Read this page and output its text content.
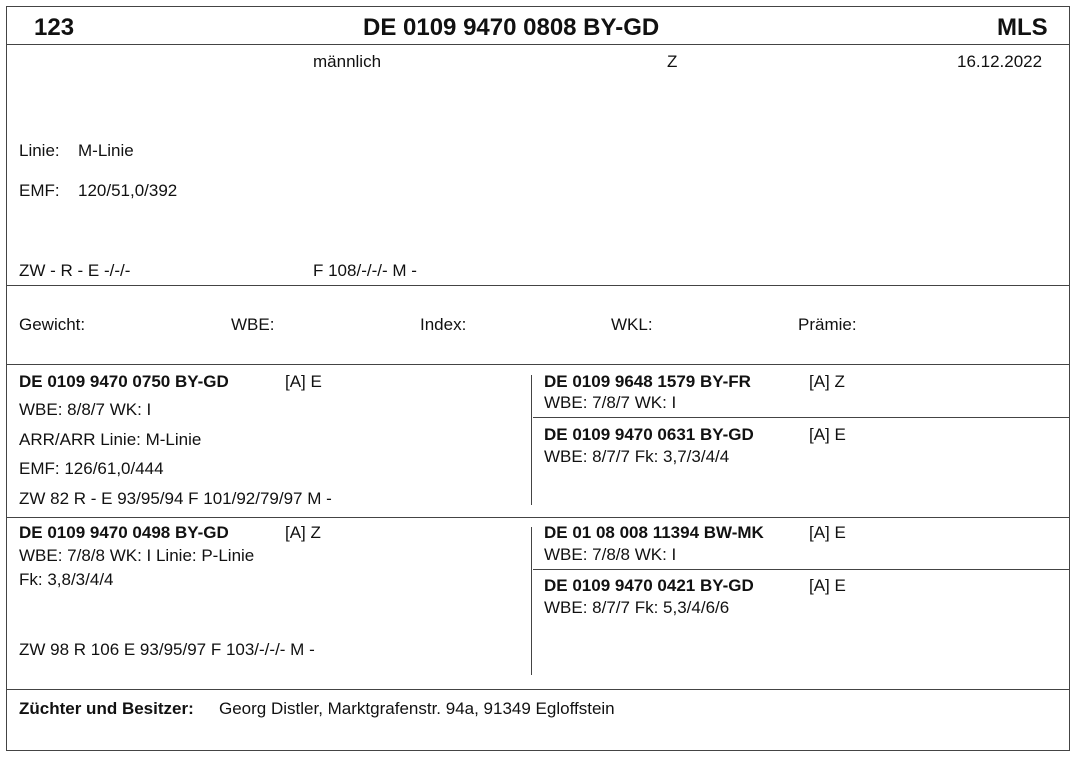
123	DE 0109 9470 0808 BY-GD	MLS
männlich	Z	16.12.2022
Linie: M-Linie
EMF: 120/51,0/392
ZW - R - E -/-/-	F 108/-/-/- M -
Gewicht:	WBE:	Index:	WKL:	Prämie:
DE 0109 9470 0750 BY-GD	[A] E
WBE: 8/8/7 WK: I
ARR/ARR Linie: M-Linie
EMF: 126/61,0/444
ZW 82 R - E 93/95/94 F 101/92/79/97 M -
DE 0109 9648 1579 BY-FR	[A] Z
WBE: 7/8/7 WK: I
DE 0109 9470 0631 BY-GD	[A] E
WBE: 8/7/7 Fk: 3,7/3/4/4
DE 0109 9470 0498 BY-GD	[A] Z
WBE: 7/8/8 WK: I Linie: P-Linie
Fk: 3,8/3/4/4
ZW 98 R 106 E 93/95/97 F 103/-/-/- M -
DE 01 08 008 11394 BW-MK	[A] E
WBE: 7/8/8 WK: I
DE 0109 9470 0421 BY-GD	[A] E
WBE: 8/7/7 Fk: 5,3/4/6/6
Züchter und Besitzer: Georg Distler, Marktgrafenstr. 94a, 91349 Egloffstein
